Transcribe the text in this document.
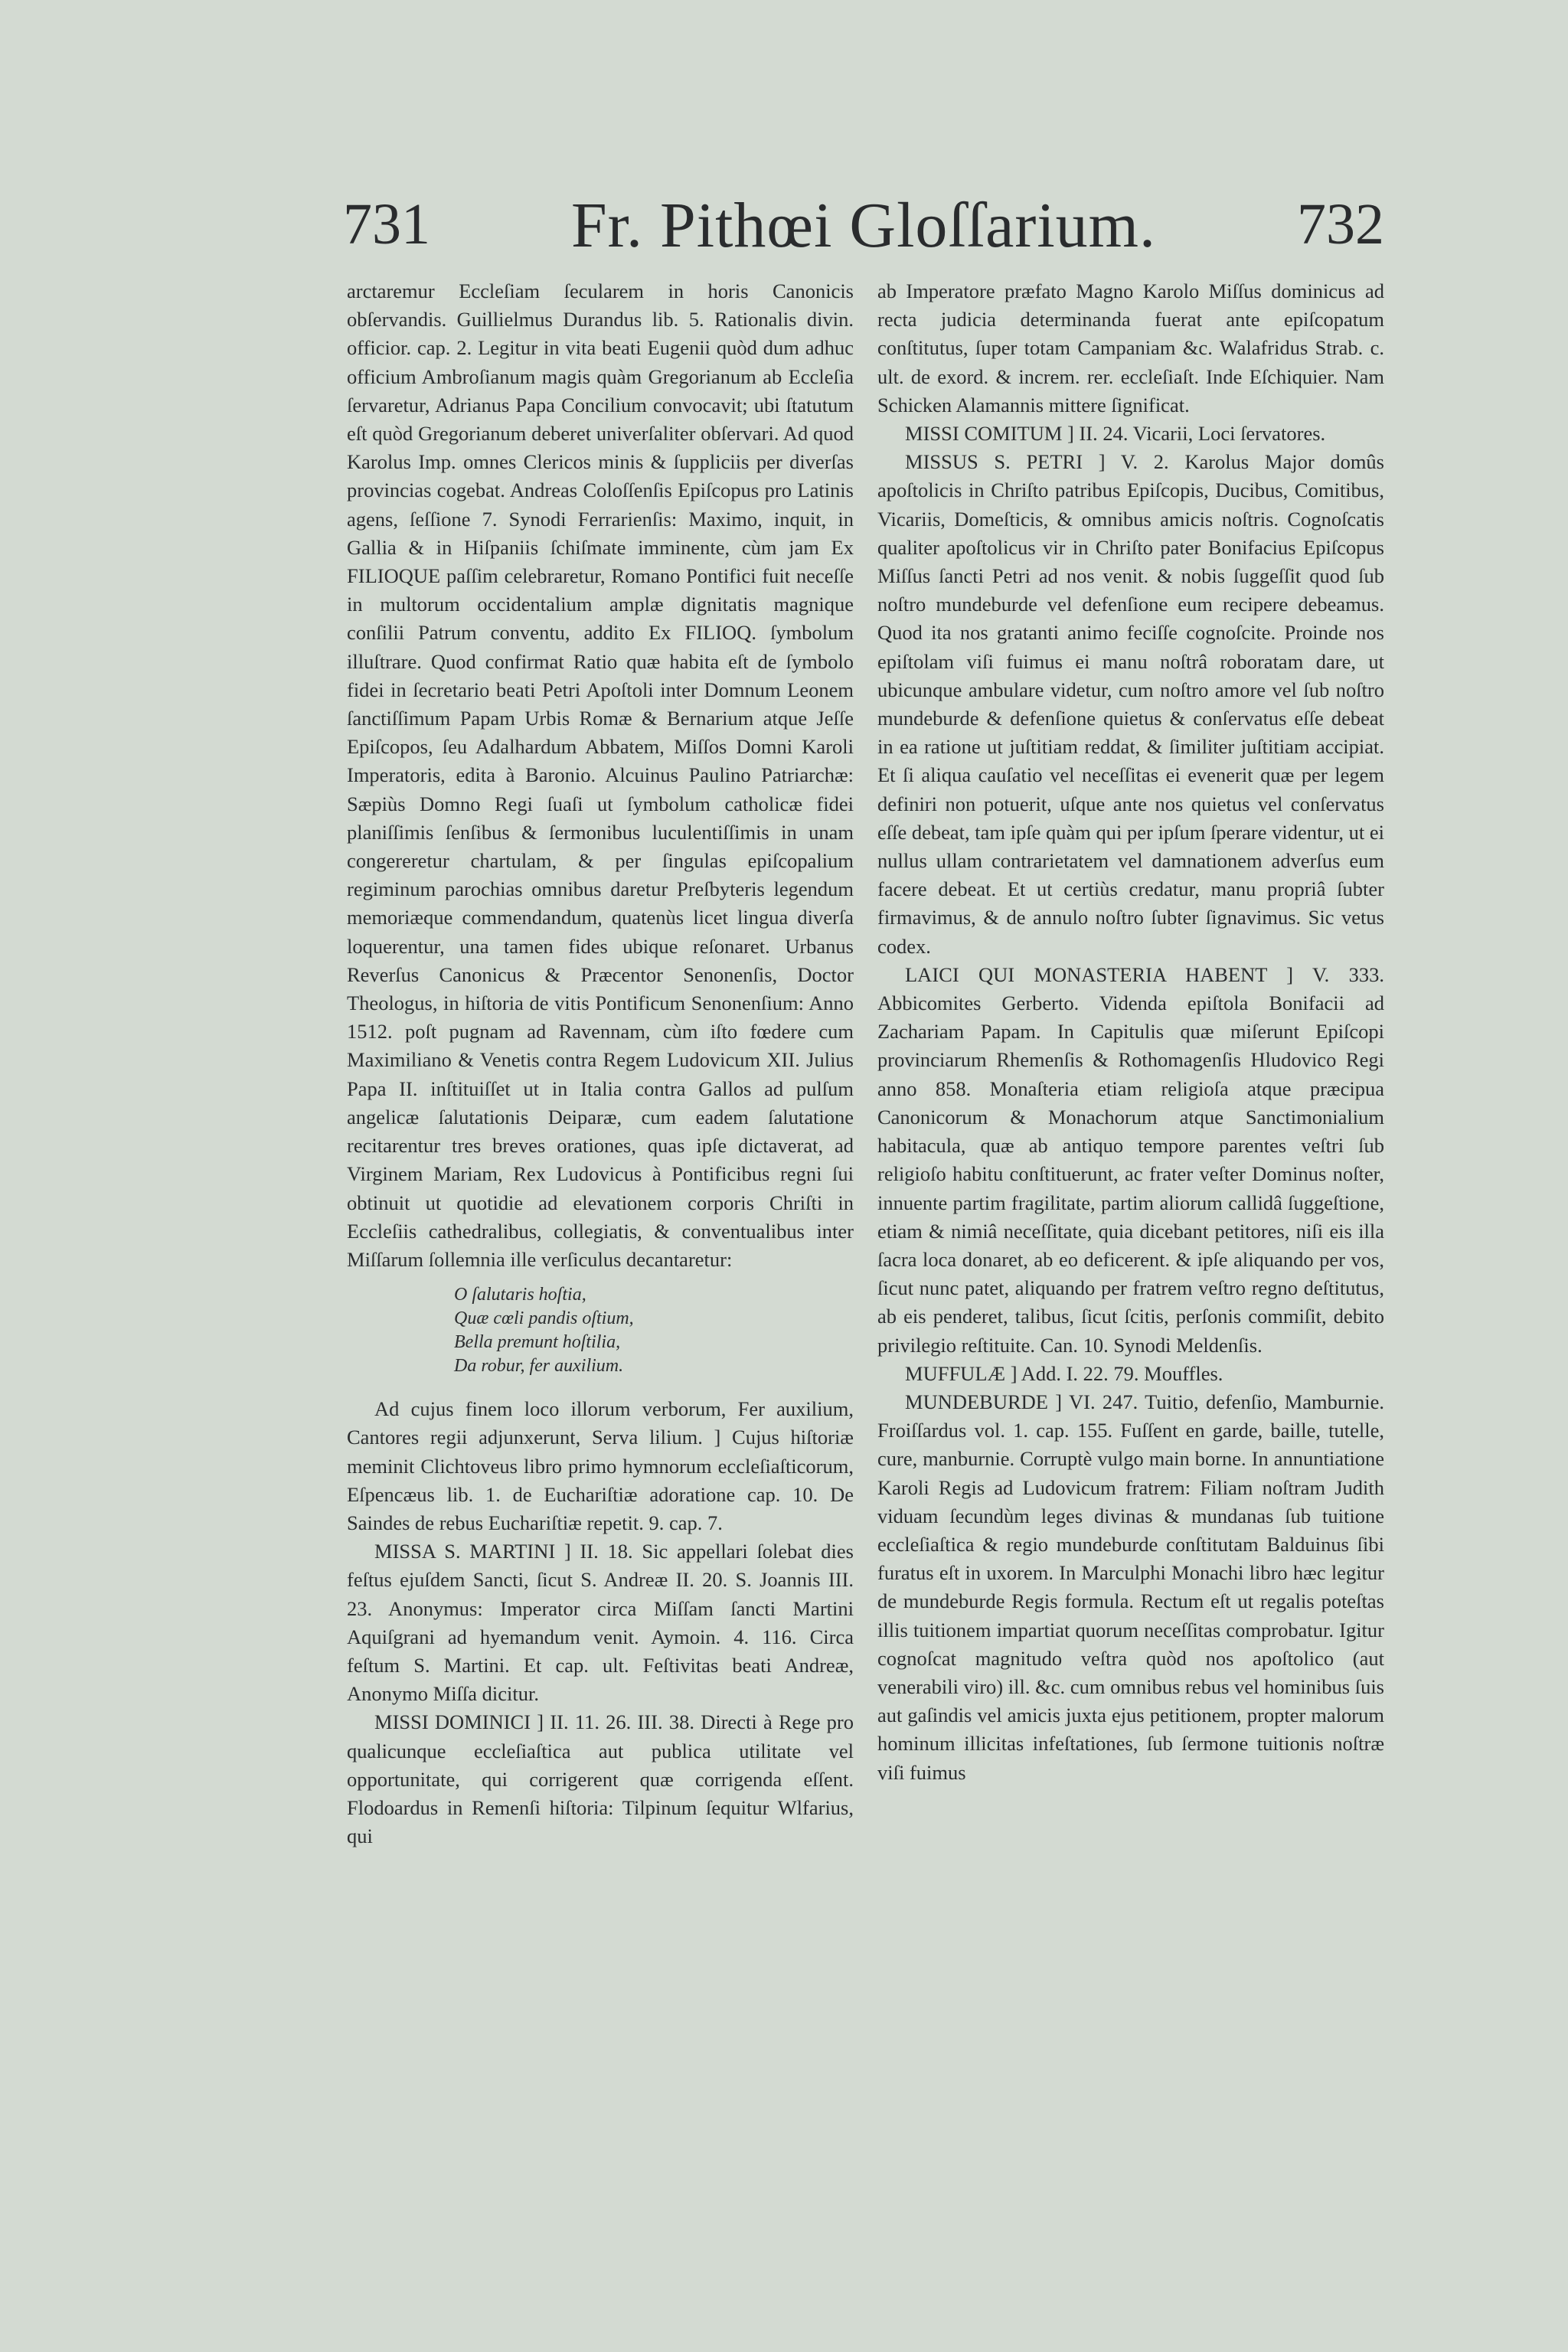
731	Fr. Pithœi Gloſſarium.	732

arctaremur Eccleſiam ſecularem in horis Canonicis obſervandis. Guillielmus Durandus lib. 5. Rationalis divin. officior. cap. 2. Legitur in vita beati Eugenii quòd dum adhuc officium Ambroſianum magis quàm Gregorianum ab Eccleſia ſervaretur, Adrianus Papa Concilium convocavit; ubi ſtatutum eſt quòd Gregorianum deberet univerſaliter obſervari. Ad quod Karolus Imp. omnes Clericos minis & ſuppliciis per diverſas provincias cogebat. Andreas Coloſſenſis Epiſcopus pro Latinis agens, ſeſſione 7. Synodi Ferrarienſis: Maximo, inquit, in Gallia & in Hiſpaniis ſchiſmate imminente, cùm jam Ex FILIOQUE paſſim celebraretur, Romano Pontifici fuit neceſſe in multorum occidentalium amplæ dignitatis magnique conſilii Patrum conventu, addito Ex FILIOQ. ſymbolum illuſtrare. Quod confirmat Ratio quæ habita eſt de ſymbolo fidei in ſecretario beati Petri Apoſtoli inter Domnum Leonem ſanctiſſimum Papam Urbis Romæ & Bernarium atque Jeſſe Epiſcopos, ſeu Adalhardum Abbatem, Miſſos Domni Karoli Imperatoris, edita à Baronio. Alcuinus Paulino Patriarchæ: Sæpiùs Domno Regi ſuaſi ut ſymbolum catholicæ fidei planiſſimis ſenſibus & ſermonibus luculentiſſimis in unam congereretur chartulam, & per ſingulas epiſcopalium regiminum parochias omnibus daretur Preſbyteris legendum memoriæque commendandum, quatenùs licet lingua diverſa loquerentur, una tamen fides ubique reſonaret. Urbanus Reverſus Canonicus & Præcentor Senonenſis, Doctor Theologus, in hiſtoria de vitis Pontificum Senonenſium: Anno 1512. poſt pugnam ad Ravennam, cùm iſto fœdere cum Maximiliano & Venetis contra Regem Ludovicum XII. Julius Papa II. inſtituiſſet ut in Italia contra Gallos ad pulſum angelicæ ſalutationis Deiparæ, cum eadem ſalutatione recitarentur tres breves orationes, quas ipſe dictaverat, ad Virginem Mariam, Rex Ludovicus à Pontificibus regni ſui obtinuit ut quotidie ad elevationem corporis Chriſti in Eccleſiis cathedralibus, collegiatis, & conventualibus inter Miſſarum ſollemnia ille verſiculus decantaretur:

O ſalutaris hoſtia,
Quæ cœli pandis oſtium,
Bella premunt hoſtilia,
Da robur, fer auxilium.

Ad cujus finem loco illorum verborum, Fer auxilium, Cantores regii adjunxerunt, Serva lilium. ] Cujus hiſtoriæ meminit Clichtoveus libro primo hymnorum eccleſiaſticorum, Eſpencæus lib. 1. de Euchariſtiæ adoratione cap. 10. De Saindes de rebus Euchariſtiæ repetit. 9. cap. 7.

MISSA S. MARTINI ] II. 18. Sic appellari ſolebat dies feſtus ejuſdem Sancti, ſicut S. Andreæ II. 20. S. Joannis III. 23. Anonymus: Imperator circa Miſſam ſancti Martini Aquiſgrani ad hyemandum venit. Aymoin. 4. 116. Circa feſtum S. Martini. Et cap. ult. Feſtivitas beati Andreæ, Anonymo Miſſa dicitur.

MISSI DOMINICI ] II. 11. 26. III. 38. Directi à Rege pro qualicunque eccleſiaſtica aut publica utilitate vel opportunitate, qui corrigerent quæ corrigenda eſſent. Flodoardus in Remenſi hiſtoria: Tilpinum ſequitur Wlfarius, qui

ab Imperatore præfato Magno Karolo Miſſus dominicus ad recta judicia determinanda fuerat ante epiſcopatum conſtitutus, ſuper totam Campaniam &c. Walafridus Strab. c. ult. de exord. & increm. rer. eccleſiaſt. Inde Eſchiquier. Nam Schicken Alamannis mittere ſignificat.

MISSI COMITUM ] II. 24. Vicarii, Loci ſervatores.

MISSUS S. PETRI ] V. 2. Karolus Major domûs apoſtolicis in Chriſto patribus Epiſcopis, Ducibus, Comitibus, Vicariis, Domeſticis, & omnibus amicis noſtris. Cognoſcatis qualiter apoſtolicus vir in Chriſto pater Bonifacius Epiſcopus Miſſus ſancti Petri ad nos venit. & nobis ſuggeſſit quod ſub noſtro mundeburde vel defenſione eum recipere debeamus. Quod ita nos gratanti animo feciſſe cognoſcite. Proinde nos epiſtolam viſi fuimus ei manu noſtrâ roboratam dare, ut ubicunque ambulare videtur, cum noſtro amore vel ſub noſtro mundeburde & defenſione quietus & conſervatus eſſe debeat in ea ratione ut juſtitiam reddat, & ſimiliter juſtitiam accipiat. Et ſi aliqua cauſatio vel neceſſitas ei evenerit quæ per legem definiri non potuerit, uſque ante nos quietus vel conſervatus eſſe debeat, tam ipſe quàm qui per ipſum ſperare videntur, ut ei nullus ullam contrarietatem vel damnationem adverſus eum facere debeat. Et ut certiùs credatur, manu propriâ ſubter firmavimus, & de annulo noſtro ſubter ſignavimus. Sic vetus codex.

LAICI QUI MONASTERIA HABENT ] V. 333. Abbicomites Gerberto. Videnda epiſtola Bonifacii ad Zachariam Papam. In Capitulis quæ miſerunt Epiſcopi provinciarum Rhemenſis & Rothomagenſis Hludovico Regi anno 858. Monaſteria etiam religioſa atque præcipua Canonicorum & Monachorum atque Sanctimonialium habitacula, quæ ab antiquo tempore parentes veſtri ſub religioſo habitu conſtituerunt, ac frater veſter Dominus noſter, innuente partim fragilitate, partim aliorum callidâ ſuggeſtione, etiam & nimiâ neceſſitate, quia dicebant petitores, niſi eis illa ſacra loca donaret, ab eo deficerent. & ipſe aliquando per vos, ſicut nunc patet, aliquando per fratrem veſtro regno deſtitutus, ab eis penderet, talibus, ſicut ſcitis, perſonis commiſit, debito privilegio reſtituite. Can. 10. Synodi Meldenſis.

MUFFULÆ ] Add. I. 22. 79. Mouffles.

MUNDEBURDE ] VI. 247. Tuitio, defenſio, Mamburnie. Froiſſardus vol. 1. cap. 155. Fuſſent en garde, baille, tutelle, cure, manburnie. Corruptè vulgo main borne. In annuntiatione Karoli Regis ad Ludovicum fratrem: Filiam noſtram Judith viduam ſecundùm leges divinas & mundanas ſub tuitione eccleſiaſtica & regio mundeburde conſtitutam Balduinus ſibi furatus eſt in uxorem. In Marculphi Monachi libro hæc legitur de mundeburde Regis formula. Rectum eſt ut regalis poteſtas illis tuitionem impartiat quorum neceſſitas comprobatur. Igitur cognoſcat magnitudo veſtra quòd nos apoſtolico (aut venerabili viro) ill. &c. cum omnibus rebus vel hominibus ſuis aut gaſindis vel amicis juxta ejus petitionem, propter malorum hominum illicitas infeſtationes, ſub ſermone tuitionis noſtræ viſi fuimus
